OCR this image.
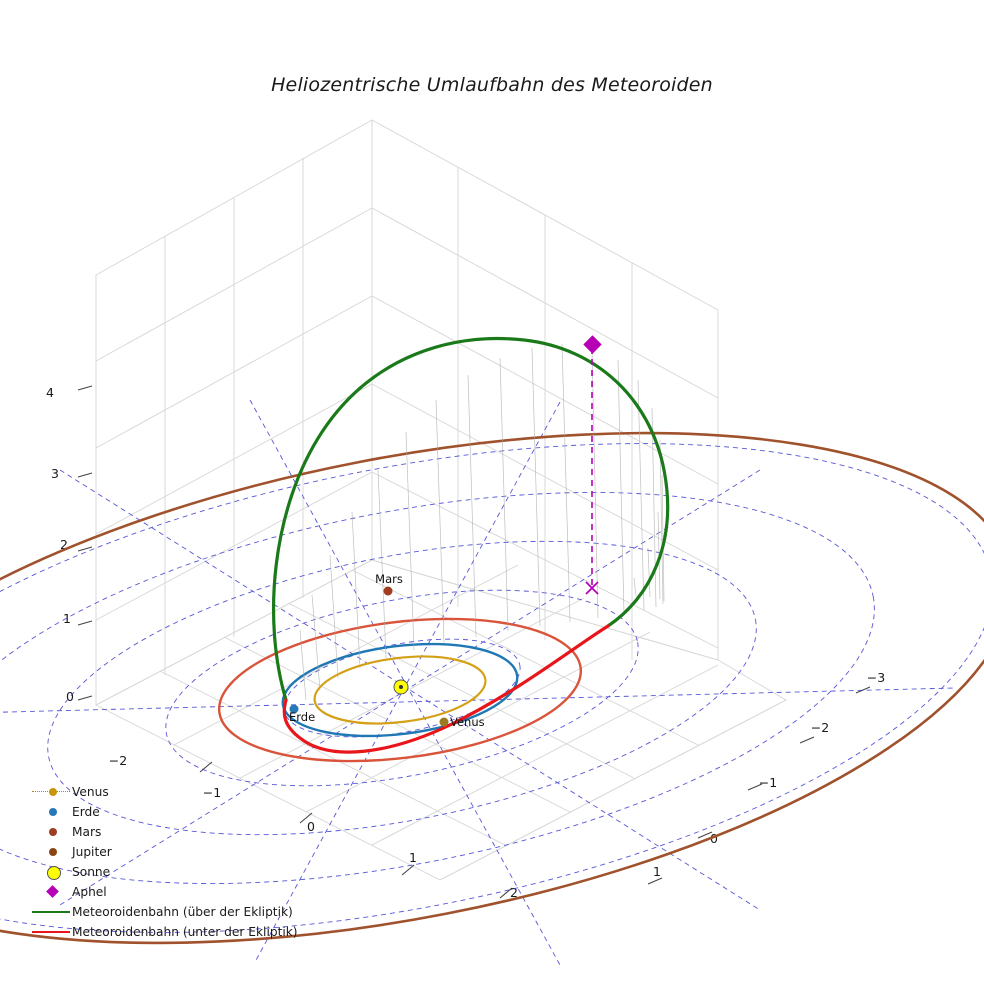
Heliozentrische Umlaufbahn des Meteoroiden
4
3
2
1
0
−2
−1
0
1
2
−3
−2
−1
0
1
Mars
Erde	Venus
Venus
Erde
Mars
Jupiter
Sonne
Aphel
Meteoroidenbahn (über der Ekliptik)
Meteoroidenbahn (unter der Ekliptik)
